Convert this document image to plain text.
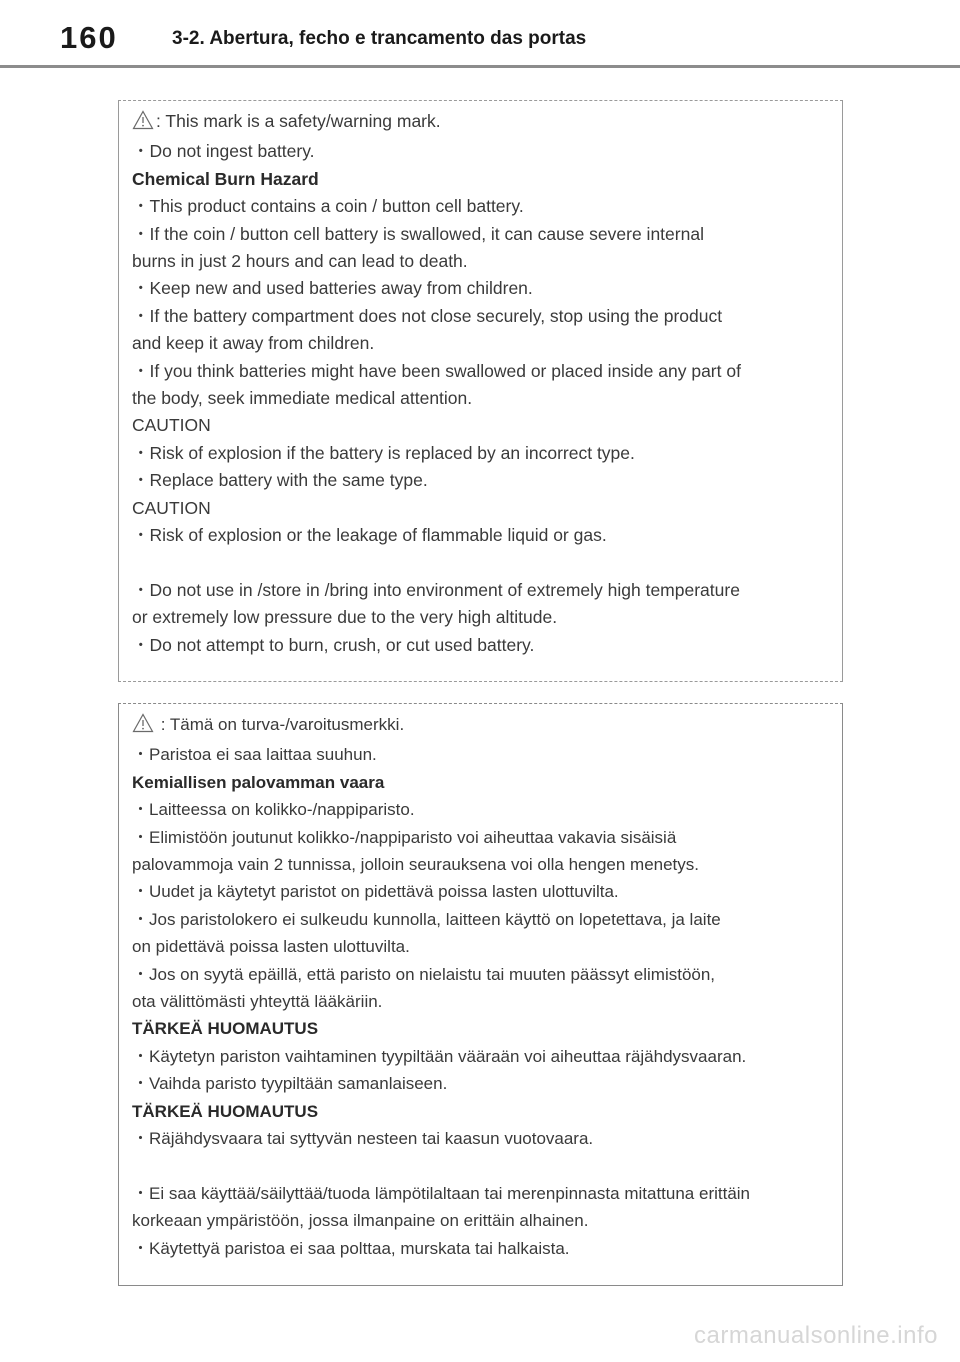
160	3-2. Abertura, fecho e trancamento das portas
: This mark is a safety/warning mark.
・Do not ingest battery.
Chemical Burn Hazard
・This product contains a coin / button cell battery.
・If the coin / button cell battery is swallowed, it can cause severe internal
burns in just 2 hours and can lead to death.
・Keep new and used batteries away from children.
・If the battery compartment does not close securely, stop using the product
and keep it away from children.
・If you think batteries might have been swallowed or placed inside any part of
the body, seek immediate medical attention.
CAUTION
・Risk of explosion if the battery is replaced by an incorrect type.
・Replace battery with the same type.
CAUTION
・Risk of explosion or the leakage of flammable liquid or gas.
・Do not use in /store in /bring into environment of extremely high temperature
or extremely low pressure due to the very high altitude.
・Do not attempt to burn, crush, or cut used battery.
: Tämä on turva-/varoitusmerkki.
・Paristoa ei saa laittaa suuhun.
Kemiallisen palovamman vaara
・Laitteessa on kolikko-/nappiparisto.
・Elimistöön joutunut kolikko-/nappiparisto voi aiheuttaa vakavia sisäisiä
palovammoja vain 2 tunnissa, jolloin seurauksena voi olla hengen menetys.
・Uudet ja käytetyt paristot on pidettävä poissa lasten ulottuvilta.
・Jos paristolokero ei sulkeudu kunnolla, laitteen käyttö on lopetettava, ja laite
on pidettävä poissa lasten ulottuvilta.
・Jos on syytä epäillä, että paristo on nielaistu tai muuten päässyt elimistöön,
ota välittömästi yhteyttä lääkäriin.
TÄRKEÄ HUOMAUTUS
・Käytetyn pariston vaihtaminen tyypiltään vääraän voi aiheuttaa räjähdysvaaran.
・Vaihda paristo tyypiltään samanlaiseen.
TÄRKEÄ HUOMAUTUS
・Räjähdysvaara tai syttyvän nesteen tai kaasun vuotovaara.
・Ei saa käyttää/säilyttää/tuoda lämpötilaltaan tai merenpinnasta mitattuna erittäin
korkeaan ympäristöön, jossa ilmanpaine on erittäin alhainen.
・Käytettyä paristoa ei saa polttaa, murskata tai halkaista.
carmanualsonline.info
